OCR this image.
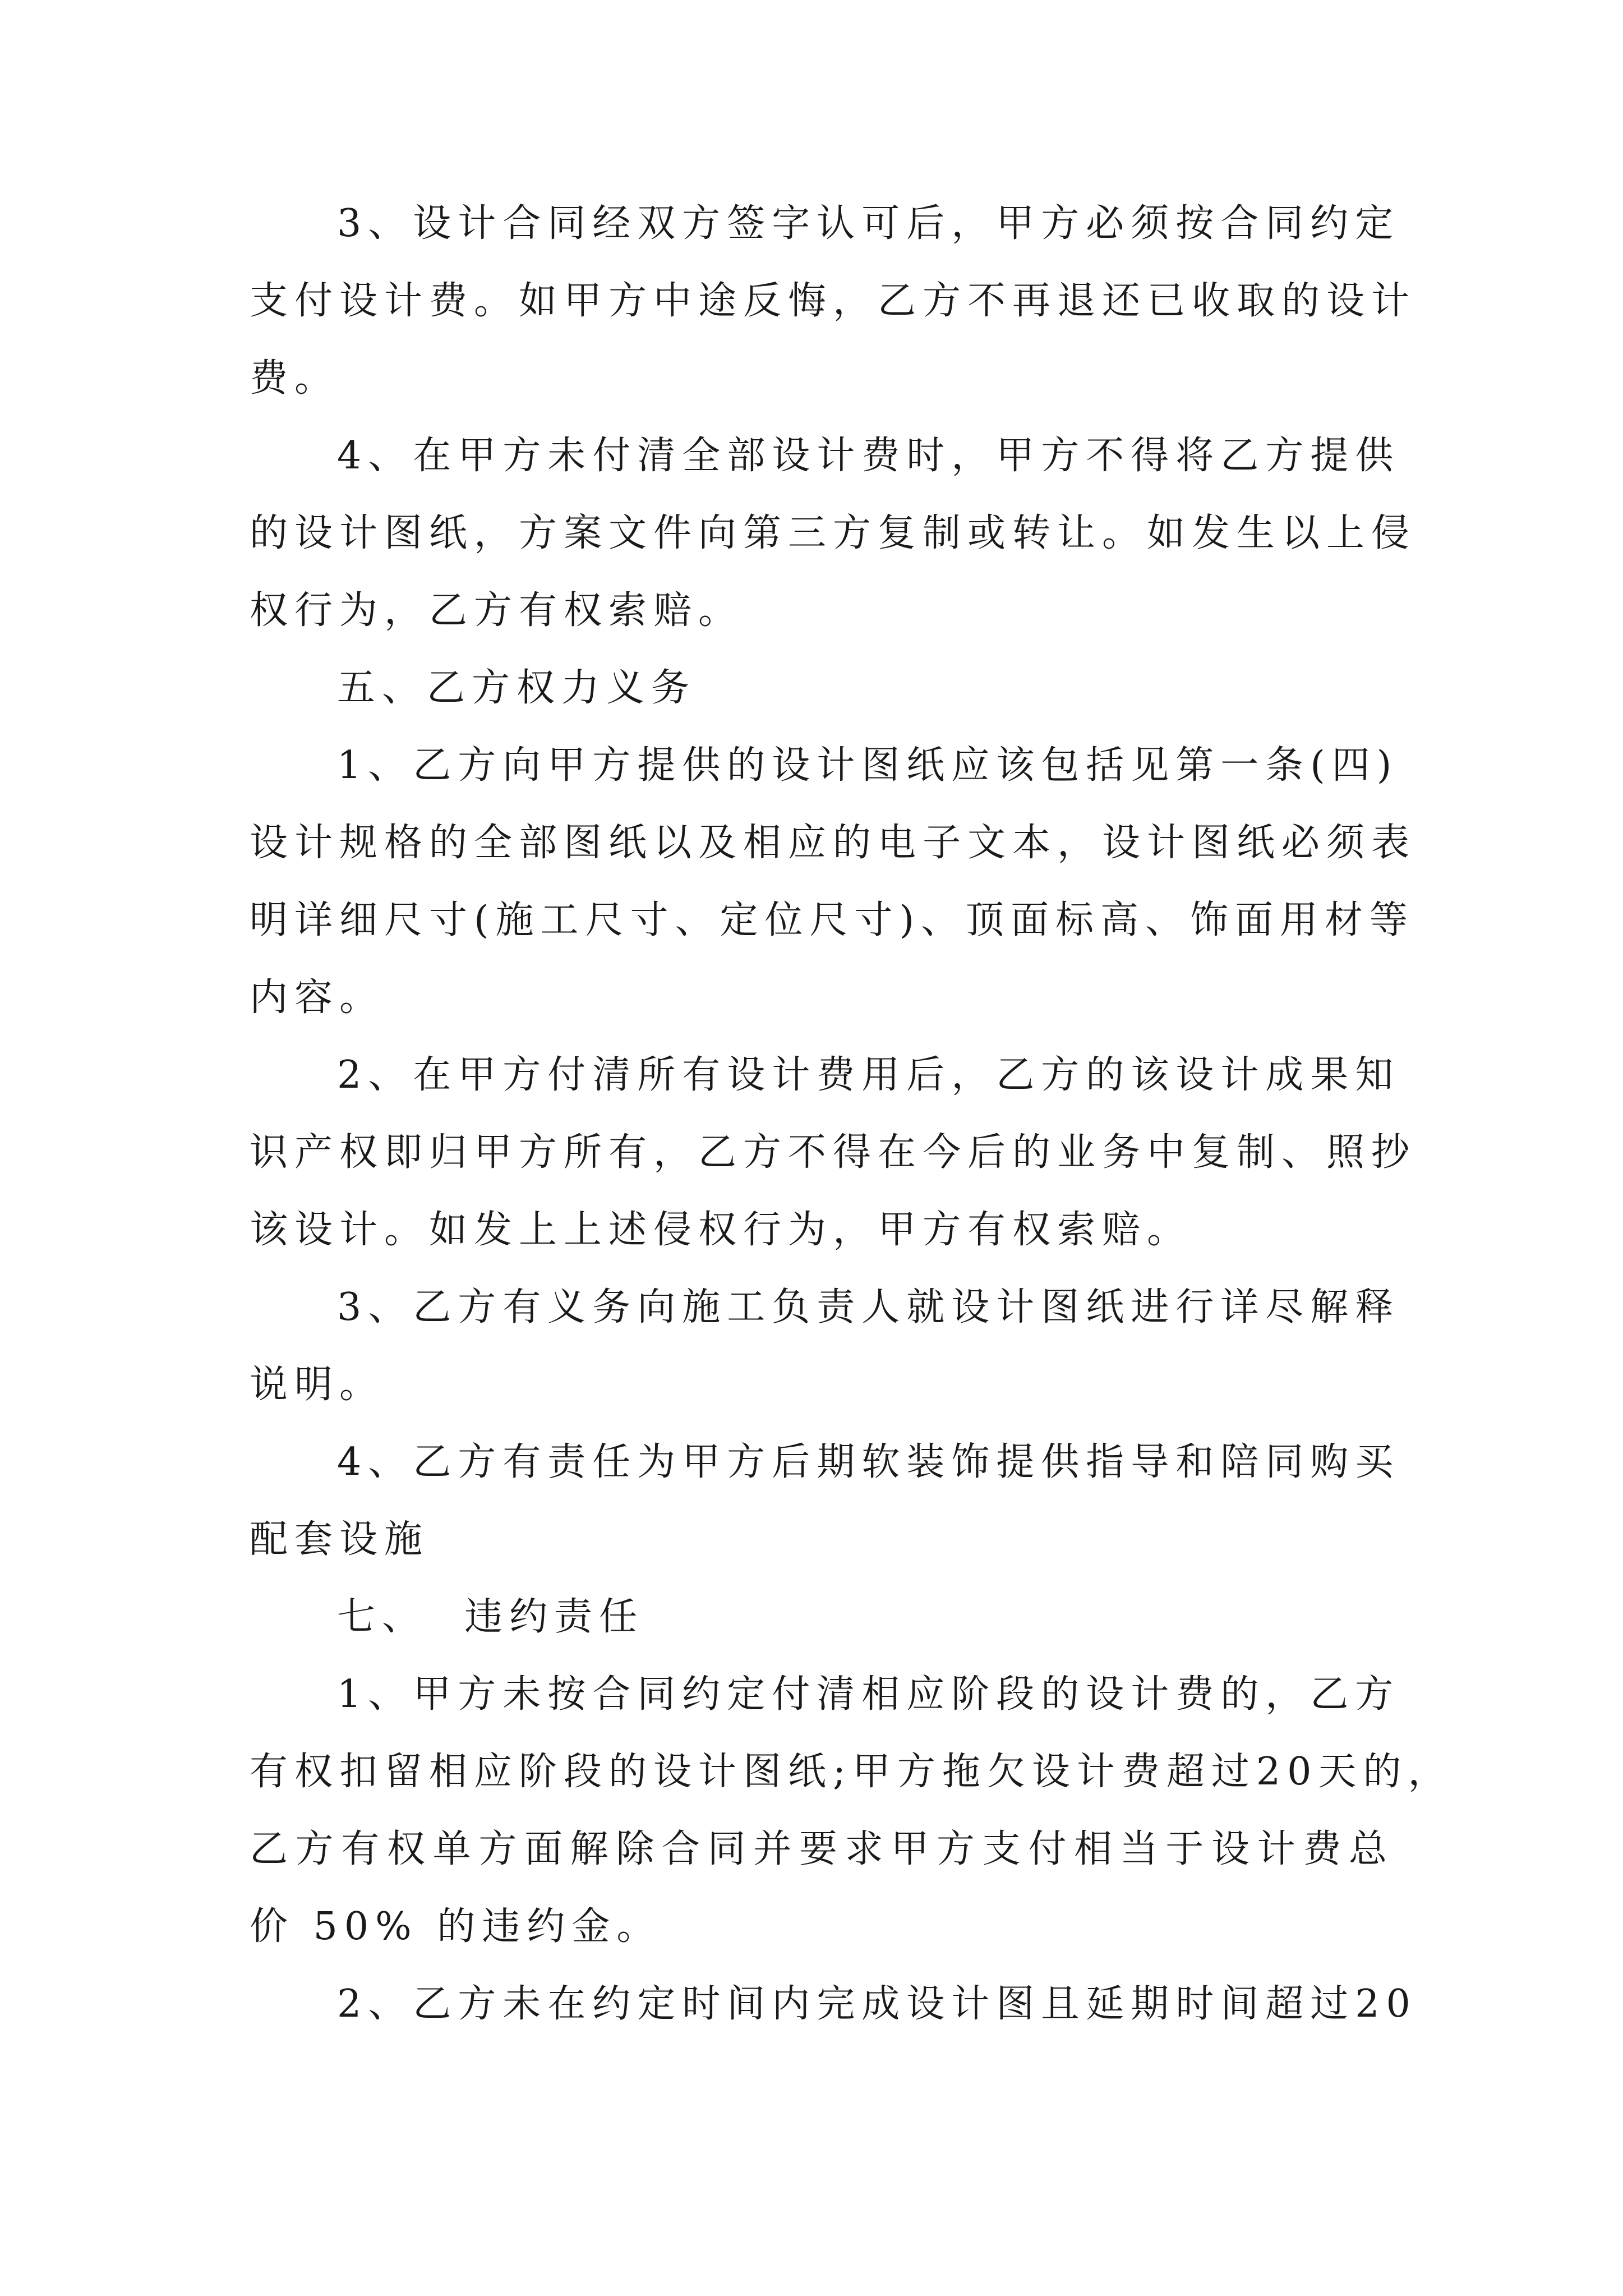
3、设计合同经双方签字认可后，甲方必须按合同约定
支付设计费。如甲方中途反悔，乙方不再退还已收取的设计
费。
4、在甲方未付清全部设计费时，甲方不得将乙方提供
的设计图纸，方案文件向第三方复制或转让。如发生以上侵
权行为，乙方有权索赔。
五、乙方权力义务
1、乙方向甲方提供的设计图纸应该包括见第一条(四)
设计规格的全部图纸以及相应的电子文本，设计图纸必须表
明详细尺寸(施工尺寸、定位尺寸)、顶面标高、饰面用材等
内容。
2、在甲方付清所有设计费用后，乙方的该设计成果知
识产权即归甲方所有，乙方不得在今后的业务中复制、照抄
该设计。如发上上述侵权行为，甲方有权索赔。
3、乙方有义务向施工负责人就设计图纸进行详尽解释
说明。
4、乙方有责任为甲方后期软装饰提供指导和陪同购买
配套设施
七、  违约责任
1、甲方未按合同约定付清相应阶段的设计费的，乙方
有权扣留相应阶段的设计图纸;甲方拖欠设计费超过20天的，
乙方有权单方面解除合同并要求甲方支付相当于设计费总
价 50% 的违约金。
2、乙方未在约定时间内完成设计图且延期时间超过20
